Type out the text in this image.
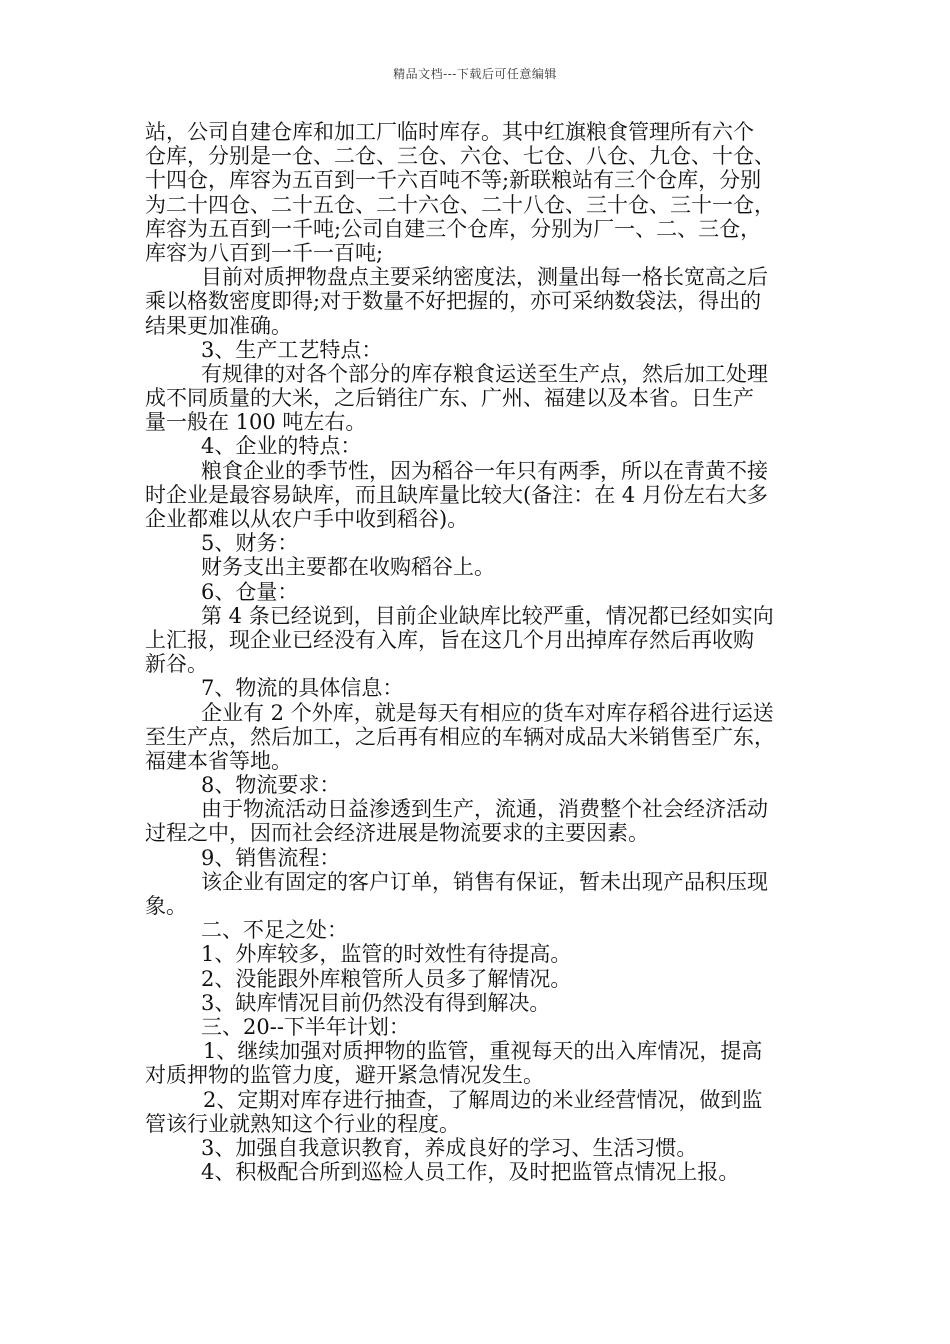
精品文档---下载后可任意编辑
站，公司自建仓库和加工厂临时库存。其中红旗粮食管理所有六个
仓库，分别是一仓、二仓、三仓、六仓、七仓、八仓、九仓、十仓、
十四仓，库容为五百到一千六百吨不等;新联粮站有三个仓库，分别
为二十四仓、二十五仓、二十六仓、二十八仓、三十仓、三十一仓，
库容为五百到一千吨;公司自建三个仓库，分别为厂一、二、三仓，
库容为八百到一千一百吨;
目前对质押物盘点主要采纳密度法，测量出每一格长宽高之后
乘以格数密度即得;对于数量不好把握的，亦可采纳数袋法，得出的
结果更加准确。
3、生产工艺特点：
有规律的对各个部分的库存粮食运送至生产点，然后加工处理
成不同质量的大米，之后销往广东、广州、福建以及本省。日生产
量一般在 100 吨左右。
4、企业的特点：
粮食企业的季节性，因为稻谷一年只有两季，所以在青黄不接
时企业是最容易缺库，而且缺库量比较大(备注：在 4 月份左右大多
企业都难以从农户手中收到稻谷)。
5、财务：
财务支出主要都在收购稻谷上。
6、仓量：
第 4 条已经说到，目前企业缺库比较严重，情况都已经如实向
上汇报，现企业已经没有入库，旨在这几个月出掉库存然后再收购
新谷。
7、物流的具体信息：
企业有 2 个外库，就是每天有相应的货车对库存稻谷进行运送
至生产点，然后加工，之后再有相应的车辆对成品大米销售至广东，
福建本省等地。
8、物流要求：
由于物流活动日益渗透到生产，流通，消费整个社会经济活动
过程之中，因而社会经济进展是物流要求的主要因素。
9、销售流程：
该企业有固定的客户订单，销售有保证，暂未出现产品积压现
象。
二、不足之处：
1、外库较多，监管的时效性有待提高。
2、没能跟外库粮管所人员多了解情况。
3、缺库情况目前仍然没有得到解决。
三、20--下半年计划：
1、继续加强对质押物的监管，重视每天的出入库情况，提高
对质押物的监管力度，避开紧急情况发生。
2、定期对库存进行抽查，了解周边的米业经营情况，做到监
管该行业就熟知这个行业的程度。
3、加强自我意识教育，养成良好的学习、生活习惯。
4、积极配合所到巡检人员工作，及时把监管点情况上报。
